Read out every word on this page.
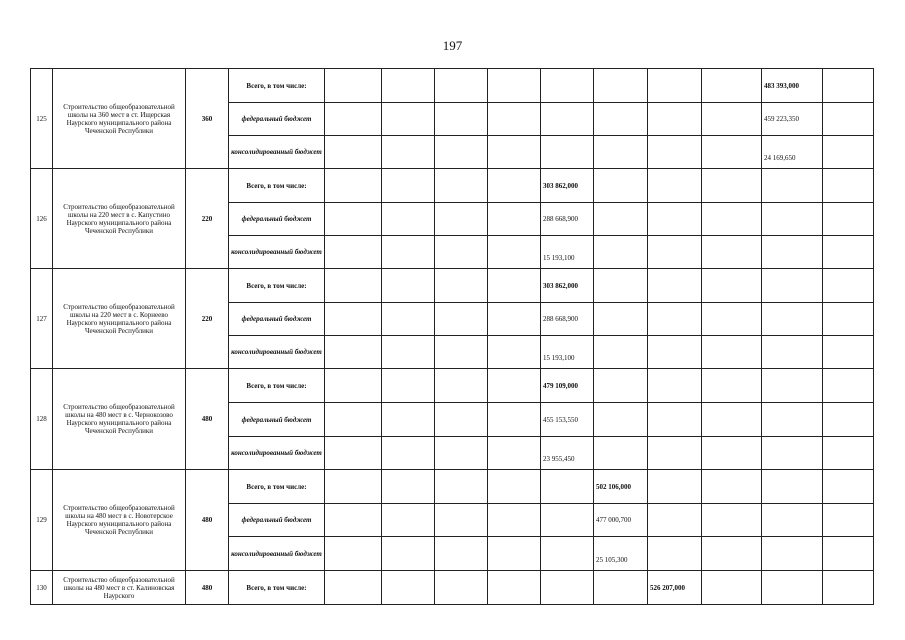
197
125	Строительство общеобразовательной школы на 360 мест в ст. Ищерская Наурского муниципального района Чеченской Республики	360	Всего, в том числе:									483 393,000	
			федеральный бюджет									459 223,350	
			консолидированный бюджет									24 169,650	
126	Строительство общеобразовательной школы на 220 мест в с. Капустино Наурского муниципального района Чеченской Республики	220	Всего, в том числе:					303 862,000					
			федеральный бюджет					288 668,900					
			консолидированный бюджет					15 193,100					
127	Строительство общеобразовательной школы на 220 мест в с. Корнеево Наурского муниципального района Чеченской Республики	220	Всего, в том числе:					303 862,000					
			федеральный бюджет					288 668,900					
			консолидированный бюджет					15 193,100					
128	Строительство общеобразовательной школы на 480 мест в с. Чернокозово Наурского муниципального района Чеченской Республики	480	Всего, в том числе:					479 109,000					
			федеральный бюджет					455 153,550					
			консолидированный бюджет					23 955,450					
129	Строительство общеобразовательной школы на 480 мест в с. Новотерское Наурского муниципального района Чеченской Республики	480	Всего, в том числе:						502 106,000				
			федеральный бюджет						477 000,700				
			консолидированный бюджет						25 105,300				
130	Строительство общеобразовательной школы на 480 мест в ст. Калиновская Наурского	480	Всего, в том числе:							526 207,000			
